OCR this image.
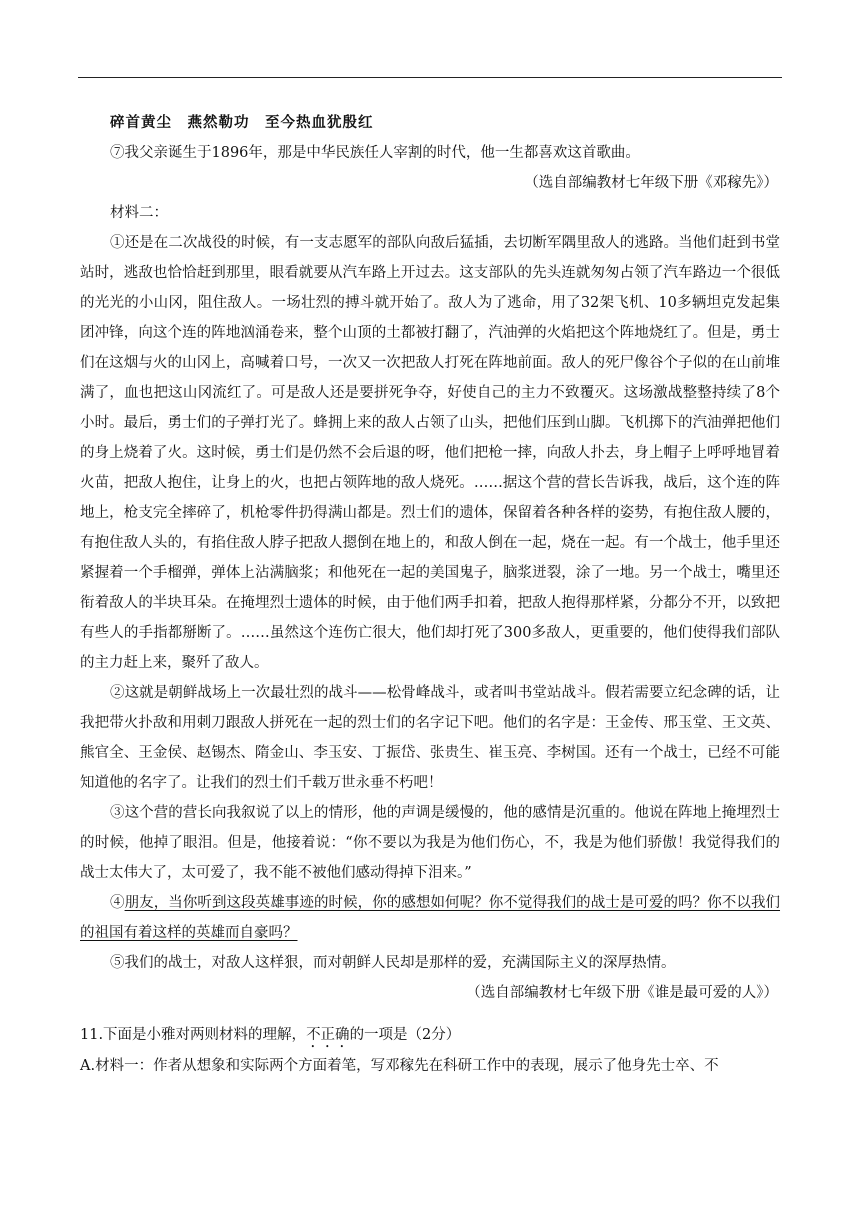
碎首黄尘　燕然勒功　至今热血犹殷红

⑦我父亲诞生于1896年，那是中华民族任人宰割的时代，他一生都喜欢这首歌曲。

（选自部编教材七年级下册《邓稼先》）

材料二：

①还是在二次战役的时候，有一支志愿军的部队向敌后猛插，去切断军隅里敌人的逃路。当他们赶到书堂站时，逃敌也恰恰赶到那里，眼看就要从汽车路上开过去。这支部队的先头连就匆匆占领了汽车路边一个很低的光光的小山冈，阻住敌人。一场壮烈的搏斗就开始了。敌人为了逃命，用了32架飞机、10多辆坦克发起集团冲锋，向这个连的阵地汹涌卷来，整个山顶的土都被打翻了，汽油弹的火焰把这个阵地烧红了。但是，勇士们在这烟与火的山冈上，高喊着口号，一次又一次把敌人打死在阵地前面。敌人的死尸像谷个子似的在山前堆满了，血也把这山冈流红了。可是敌人还是要拼死争夺，好使自己的主力不致覆灭。这场激战整整持续了8个小时。最后，勇士们的子弹打光了。蜂拥上来的敌人占领了山头，把他们压到山脚。飞机掷下的汽油弹把他们的身上烧着了火。这时候，勇士们是仍然不会后退的呀，他们把枪一摔，向敌人扑去，身上帽子上呼呼地冒着火苗，把敌人抱住，让身上的火，也把占领阵地的敌人烧死。……据这个营的营长告诉我，战后，这个连的阵地上，枪支完全摔碎了，机枪零件扔得满山都是。烈士们的遗体，保留着各种各样的姿势，有抱住敌人腰的，有抱住敌人头的，有掐住敌人脖子把敌人摁倒在地上的，和敌人倒在一起，烧在一起。有一个战士，他手里还紧握着一个手榴弹，弹体上沾满脑浆；和他死在一起的美国鬼子，脑浆迸裂，涂了一地。另一个战士，嘴里还衔着敌人的半块耳朵。在掩埋烈士遗体的时候，由于他们两手扣着，把敌人抱得那样紧，分都分不开，以致把有些人的手指都掰断了。……虽然这个连伤亡很大，他们却打死了300多敌人，更重要的，他们使得我们部队的主力赶上来，聚歼了敌人。

②这就是朝鲜战场上一次最壮烈的战斗——松骨峰战斗，或者叫书堂站战斗。假若需要立纪念碑的话，让我把带火扑敌和用刺刀跟敌人拼死在一起的烈士们的名字记下吧。他们的名字是：王金传、邢玉堂、王文英、熊官全、王金侯、赵锡杰、隋金山、李玉安、丁振岱、张贵生、崔玉亮、李树国。还有一个战士，已经不可能知道他的名字了。让我们的烈士们千载万世永垂不朽吧！

③这个营的营长向我叙说了以上的情形，他的声调是缓慢的，他的感情是沉重的。他说在阵地上掩埋烈士的时候，他掉了眼泪。但是，他接着说：“你不要以为我是为他们伤心，不，我是为他们骄傲！我觉得我们的战士太伟大了，太可爱了，我不能不被他们感动得掉下泪来。”

④朋友，当你听到这段英雄事迹的时候，你的感想如何呢？你不觉得我们的战士是可爱的吗？你不以我们的祖国有着这样的英雄而自豪吗？

⑤我们的战士，对敌人这样狠，而对朝鲜人民却是那样的爱，充满国际主义的深厚热情。

（选自部编教材七年级下册《谁是最可爱的人》）

11.下面是小雅对两则材料的理解，不正确的一项是（2分）

A.材料一：作者从想象和实际两个方面着笔，写邓稼先在科研工作中的表现，展示了他身先士卒、不
